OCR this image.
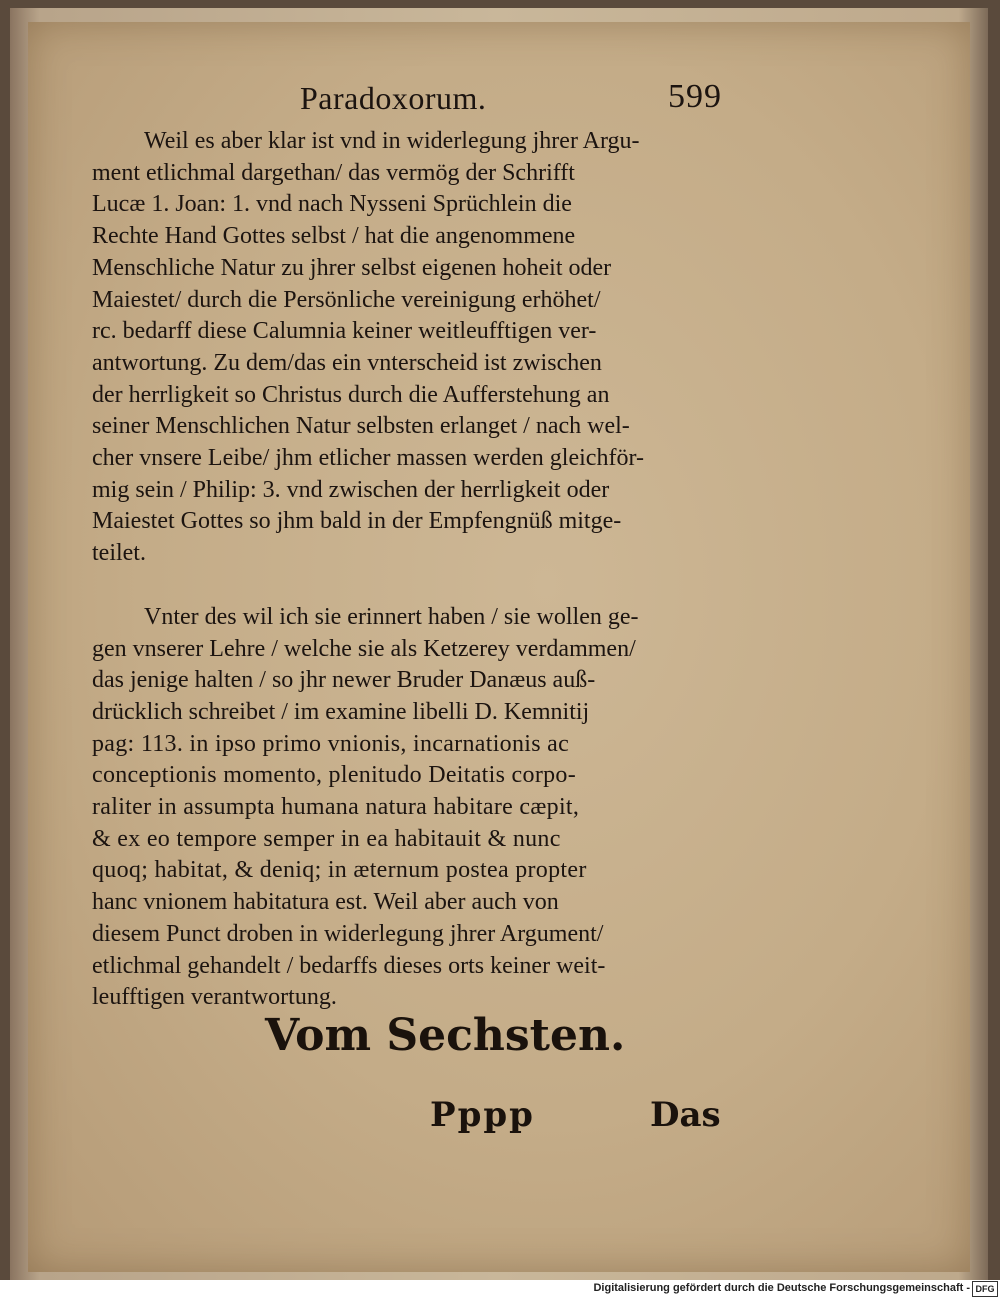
Paradoxorum.	599

Weil es aber klar ist vnd in widerlegung jhrer Argu-
ment etlichmal dargethan/ das vermög der Schrifft
Lucæ 1. Joan: 1. vnd nach Nysseni Sprüchlein die
Rechte Hand Gottes selbst / hat die angenommene
Menschliche Natur zu jhrer selbst eigenen hoheit oder
Maiestet/ durch die Persönliche vereinigung erhöhet/
rc. bedarff diese Calumnia keiner weitleufftigen ver-
antwortung. Zu dem/das ein vnterscheid ist zwischen
der herrligkeit so Christus durch die Aufferstehung an
seiner Menschlichen Natur selbsten erlanget / nach wel-
cher vnsere Leibe/ jhm etlicher massen werden gleichför-
mig sein / Philip: 3. vnd zwischen der herrligkeit oder
Maiestet Gottes so jhm bald in der Empfengnüß mitge-
teilet.

Vnter des wil ich sie erinnert haben / sie wollen ge-
gen vnserer Lehre / welche sie als Ketzerey verdammen/
das jenige halten / so jhr newer Bruder Danæus auß-
drücklich schreibet / im examine libelli D. Kemnitij
pag: 113. in ipso primo vnionis, incarnationis ac
conceptionis momento, plenitudo Deitatis corpo-
raliter in assumpta humana natura habitare cæpit,
& ex eo tempore semper in ea habitauit & nunc
quoq; habitat, & deniq; in æternum postea propter
hanc vnionem habitatura est. Weil aber auch von
diesem Punct droben in widerlegung jhrer Argument/
etlichmal gehandelt / bedarffs dieses orts keiner weit-
leufftigen verantwortung.

Vom Sechsten.
Pppp	Das
Digitalisierung gefördert durch die Deutsche Forschungsgemeinschaft - DFG
